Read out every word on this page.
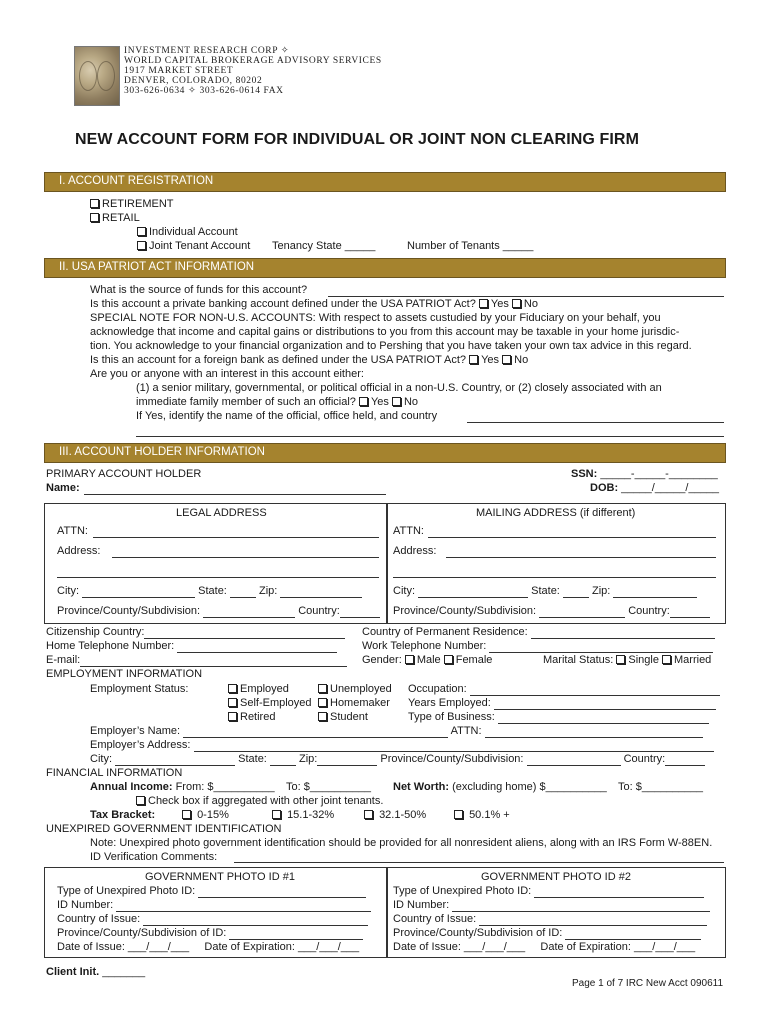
INVESTMENT RESEARCH CORP ✧
WORLD CAPITAL BROKERAGE ADVISORY SERVICES
1917 MARKET STREET
DENVER, COLORADO, 80202
303-626-0634 ✧ 303-626-0614 FAX
NEW ACCOUNT FORM FOR INDIVIDUAL OR JOINT NON CLEARING FIRM
I. ACCOUNT REGISTRATION
RETIREMENT
RETAIL
Individual Account
Joint Tenant Account Tenancy State _____	Number of Tenants _____
II. USA PATRIOT ACT INFORMATION
What is the source of funds for this account?
Is this account a private banking account defined under the USA PATRIOT Act? Yes No
SPECIAL NOTE FOR NON-U.S. ACCOUNTS: With respect to assets custudied by your Fiduciary on your behalf, you
acknowledge that income and capital gains or distributions to you from this account may be taxable in your home jurisdic-
tion. You acknowledge to your financial organization and to Pershing that you have taken your own tax advice in this regard.
Is this an account for a foreign bank as defined under the USA PATRIOT Act? Yes No
Are you or anyone with an interest in this account either:
(1) a senior military, governmental, or political official in a non-U.S. Country, or (2) closely associated with an
immediate family member of such an official? Yes No
If Yes, identify the name of the official, office held, and country
III. ACCOUNT HOLDER INFORMATION
PRIMARY ACCOUNT HOLDER
Name:
SSN: _____-_____-________
DOB: _____/_____/_____
LEGAL ADDRESS	MAILING ADDRESS (if different)
ATTN:	ATTN:
Address:	Address:
City:	State:	Zip:	City:	State:	Zip:
Province/County/Subdivision:	Country:	Province/County/Subdivision:	Country:
Citizenship Country:
Home Telephone Number:
E-mail:
Country of Permanent Residence:
Work Telephone Number:
Gender: Male Female	Marital Status: Single Married
EMPLOYMENT INFORMATION
Employment Status:	Employed	Unemployed
Self-Employed	Homemaker
Retired	Student
Occupation:
Years Employed:
Type of Business:
Employer’s Name:	ATTN:
Employer’s Address:
City:	State:	Zip:	Province/County/Subdivision:	Country:
FINANCIAL INFORMATION
Annual Income: From: $__________ To: $__________ Net Worth: (excluding home) $__________ To: $__________
Check box if aggregated with other joint tenants.
Tax Bracket:	0-15%	15.1-32%	32.1-50%	50.1% +
UNEXPIRED GOVERNMENT IDENTIFICATION
Note: Unexpired photo government identification should be provided for all nonresident aliens, along with an IRS Form W-88EN.
ID Verification Comments:
GOVERNMENT PHOTO ID #1	GOVERNMENT PHOTO ID #2
Type of Unexpired Photo ID:
ID Number:
Country of Issue:
Province/County/Subdivision of ID:
Date of Issue: ___/___/___ Date of Expiration: ___/___/___
Type of Unexpired Photo ID:
ID Number:
Country of Issue:
Province/County/Subdivision of ID:
Date of Issue: ___/___/___ Date of Expiration: ___/___/___
Client Init. _______
Page 1 of 7 IRC New Acct 090611
